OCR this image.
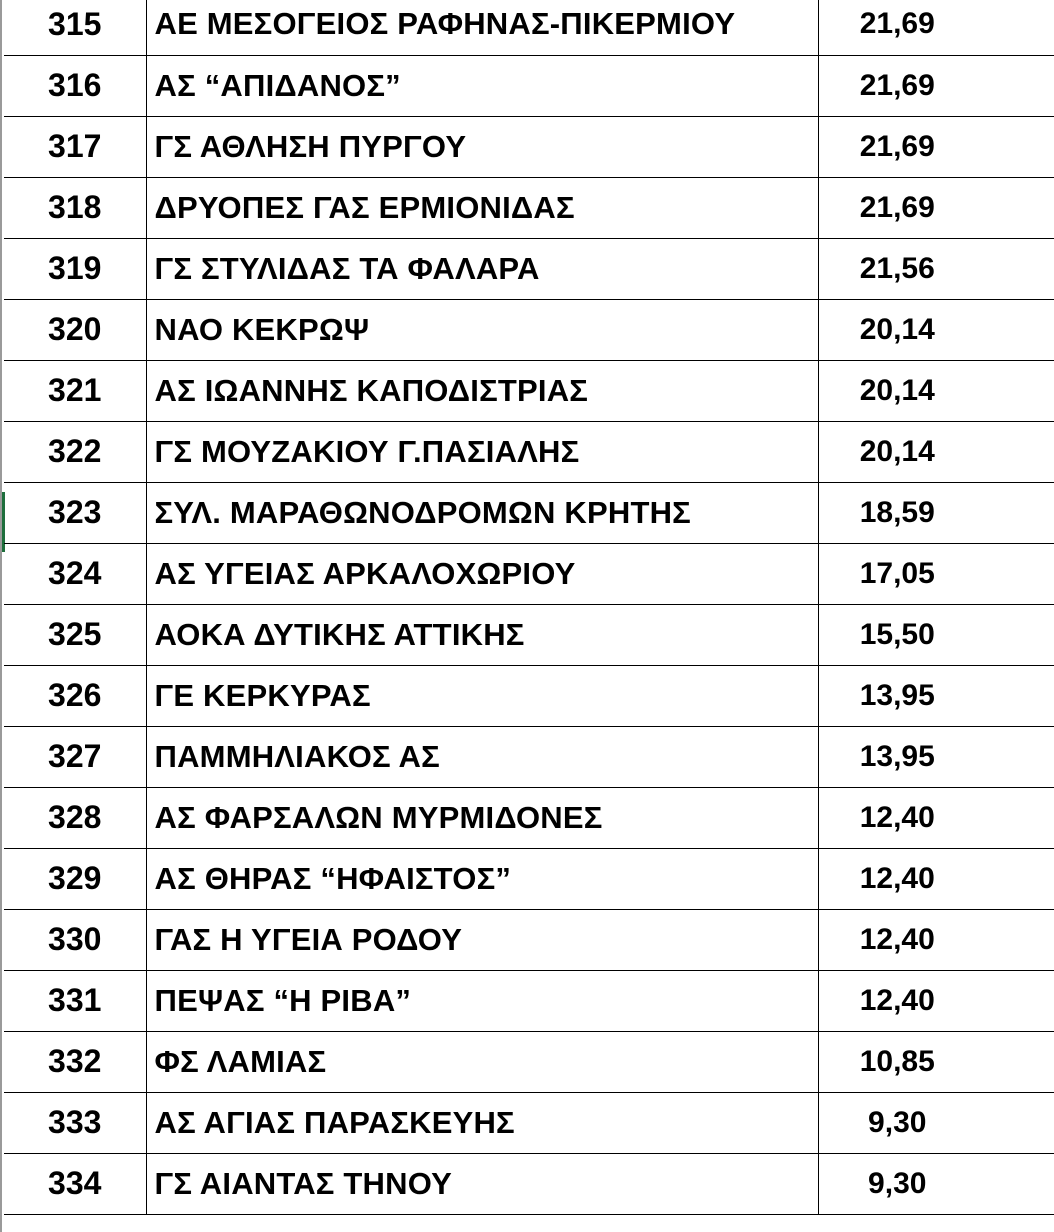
315	ΑΕ ΜΕΣΟΓΕΙΟΣ ΡΑΦΗΝΑΣ-ΠΙΚΕΡΜΙΟΥ	21,69
316	ΑΣ “ΑΠΙΔΑΝΟΣ”	21,69
317	ΓΣ ΑΘΛΗΣΗ ΠΥΡΓΟΥ	21,69
318	ΔΡΥΟΠΕΣ ΓΑΣ ΕΡΜΙΟΝΙΔΑΣ	21,69
319	ΓΣ ΣΤΥΛΙΔΑΣ ΤΑ ΦΑΛΑΡΑ	21,56
320	ΝΑΟ ΚΕΚΡΩΨ	20,14
321	ΑΣ ΙΩΑΝΝΗΣ ΚΑΠΟΔΙΣΤΡΙΑΣ	20,14
322	ΓΣ ΜΟΥΖΑΚΙΟΥ Γ.ΠΑΣΙΑΛΗΣ	20,14
323	ΣΥΛ. ΜΑΡΑΘΩΝΟΔΡΟΜΩΝ ΚΡΗΤΗΣ	18,59
324	ΑΣ ΥΓΕΙΑΣ ΑΡΚΑΛΟΧΩΡΙΟΥ	17,05
325	ΑΟΚΑ ΔΥΤΙΚΗΣ ΑΤΤΙΚΗΣ	15,50
326	ΓΕ ΚΕΡΚΥΡΑΣ	13,95
327	ΠΑΜΜΗΛΙΑΚΟΣ ΑΣ	13,95
328	ΑΣ ΦΑΡΣΑΛΩΝ ΜΥΡΜΙΔΟΝΕΣ	12,40
329	ΑΣ ΘΗΡΑΣ “ΗΦΑΙΣΤΟΣ”	12,40
330	ΓΑΣ Η ΥΓΕΙΑ ΡΟΔΟΥ	12,40
331	ΠΕΨΑΣ “Η ΡΙΒΑ”	12,40
332	ΦΣ ΛΑΜΙΑΣ	10,85
333	ΑΣ ΑΓΙΑΣ ΠΑΡΑΣΚΕΥΗΣ	9,30
334	ΓΣ ΑΙΑΝΤΑΣ ΤΗΝΟΥ	9,30
